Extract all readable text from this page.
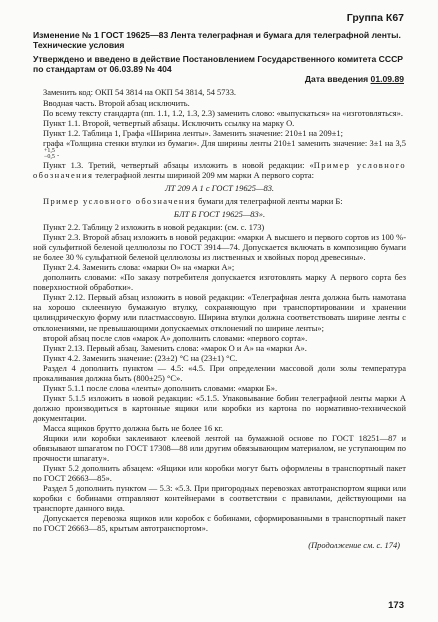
Группа К67

Изменение № 1 ГОСТ 19625—83 Лента телеграфная и бумага для телеграфной ленты. Технические условия

Утверждено и введено в действие Постановлением Государственного комитета СССР по стандартам от 06.03.89 № 404

Дата введения 01.09.89

Заменить код: ОКП 54 3814 на ОКП 54 3814, 54 5733.

Вводная часть. Второй абзац исключить.

По всему тексту стандарта (пп. 1.1, 1.2, 1.3, 2.3) заменить слово: «выпускаться» на «изготовляться».

Пункт 1.1. Второй, четвертый абзацы. Исключить ссылку на марку О.

Пункт 1.2. Таблица 1, Графа «Ширина ленты». Заменить значение: 210±1 на 209±1;

графа «Толщина стенки втулки из бумаги». Для ширины ленты 210±1 заменить значение: 3±1 на 3,5
+1,5
−0,5 .

Пункт 1.3. Третий, четвертый абзацы изложить в новой редакции: «Пример условного обозначения телеграфной ленты шириной 209 мм марки А первого сорта:

ЛТ 209 А 1 с ГОСТ 19625—83.

Пример условного обозначения бумаги для телеграфной ленты марки Б:

БЛТ Б ГОСТ 19625—83».

Пункт 2.2. Таблицу 2 изложить в новой редакции: (см. с. 173)

Пункт 2.3. Второй абзац изложить в новой редакции: «марки А высшего и первого сортов из 100 %-ной сульфитной беленой целлюлозы по ГОСТ 3914—74. Допускается включать в композицию бумаги не более 30 % сульфатной беленой целлюлозы из лиственных и хвойных пород древесины».

Пункт 2.4. Заменить слова: «марки О» на «марки А»;

дополнить словами: «По заказу потребителя допускается изготовлять марку А первого сорта без поверхностной обработки».

Пункт 2.12. Первый абзац изложить в новой редакции: «Телеграфная лента должна быть намотана на хорошо склеенную бумажную втулку, сохраняющую при транспортировании и хранении цилиндрическую форму или пластмассовую. Ширина втулки должна соответствовать ширине ленты с отклонениями, не превышающими допускаемых отклонений по ширине ленты»;

второй абзац после слов «марок А» дополнить словами: «первого сорта».

Пункт 2.13. Первый абзац. Заменить слова: «марок О и А» на «марки А».

Пункт 4.2. Заменить значение: (23±2) °С на (23±1) °С.

Раздел 4 дополнить пунктом — 4.5: «4.5. При определении массовой доли золы температура прокаливания должна быть (800±25) °С».

Пункт 5.1.1 после слова «ленты» дополнить словами: «марки Б».

Пункт 5.1.5 изложить в новой редакции: «5.1.5. Упаковывание бобин телеграфной ленты марки А должно производиться в картонные ящики или коробки из картона по нормативно-технической документации.

Масса ящиков брутто должна быть не более 16 кг.

Ящики или коробки заклеивают клеевой лентой на бумажной основе по ГОСТ 18251—87 и обвязывают шпагатом по ГОСТ 17308—88 или другим обвязывающим материалом, не уступающим по прочности шпагату».

Пункт 5.2 дополнить абзацем: «Ящики или коробки могут быть оформлены в транспортный пакет по ГОСТ 26663—85».

Раздел 5 дополнить пунктом — 5.3: «5.3. При пригородных перевозках автотранспортом ящики или коробки с бобинами отправляют контейнерами в соответствии с правилами, действующими на транспорте данного вида.

Допускается перевозка ящиков или коробок с бобинами, сформированными в транспортный пакет по ГОСТ 26663—85, крытым автотранспортом».

(Продолжение см. с. 174)
173
